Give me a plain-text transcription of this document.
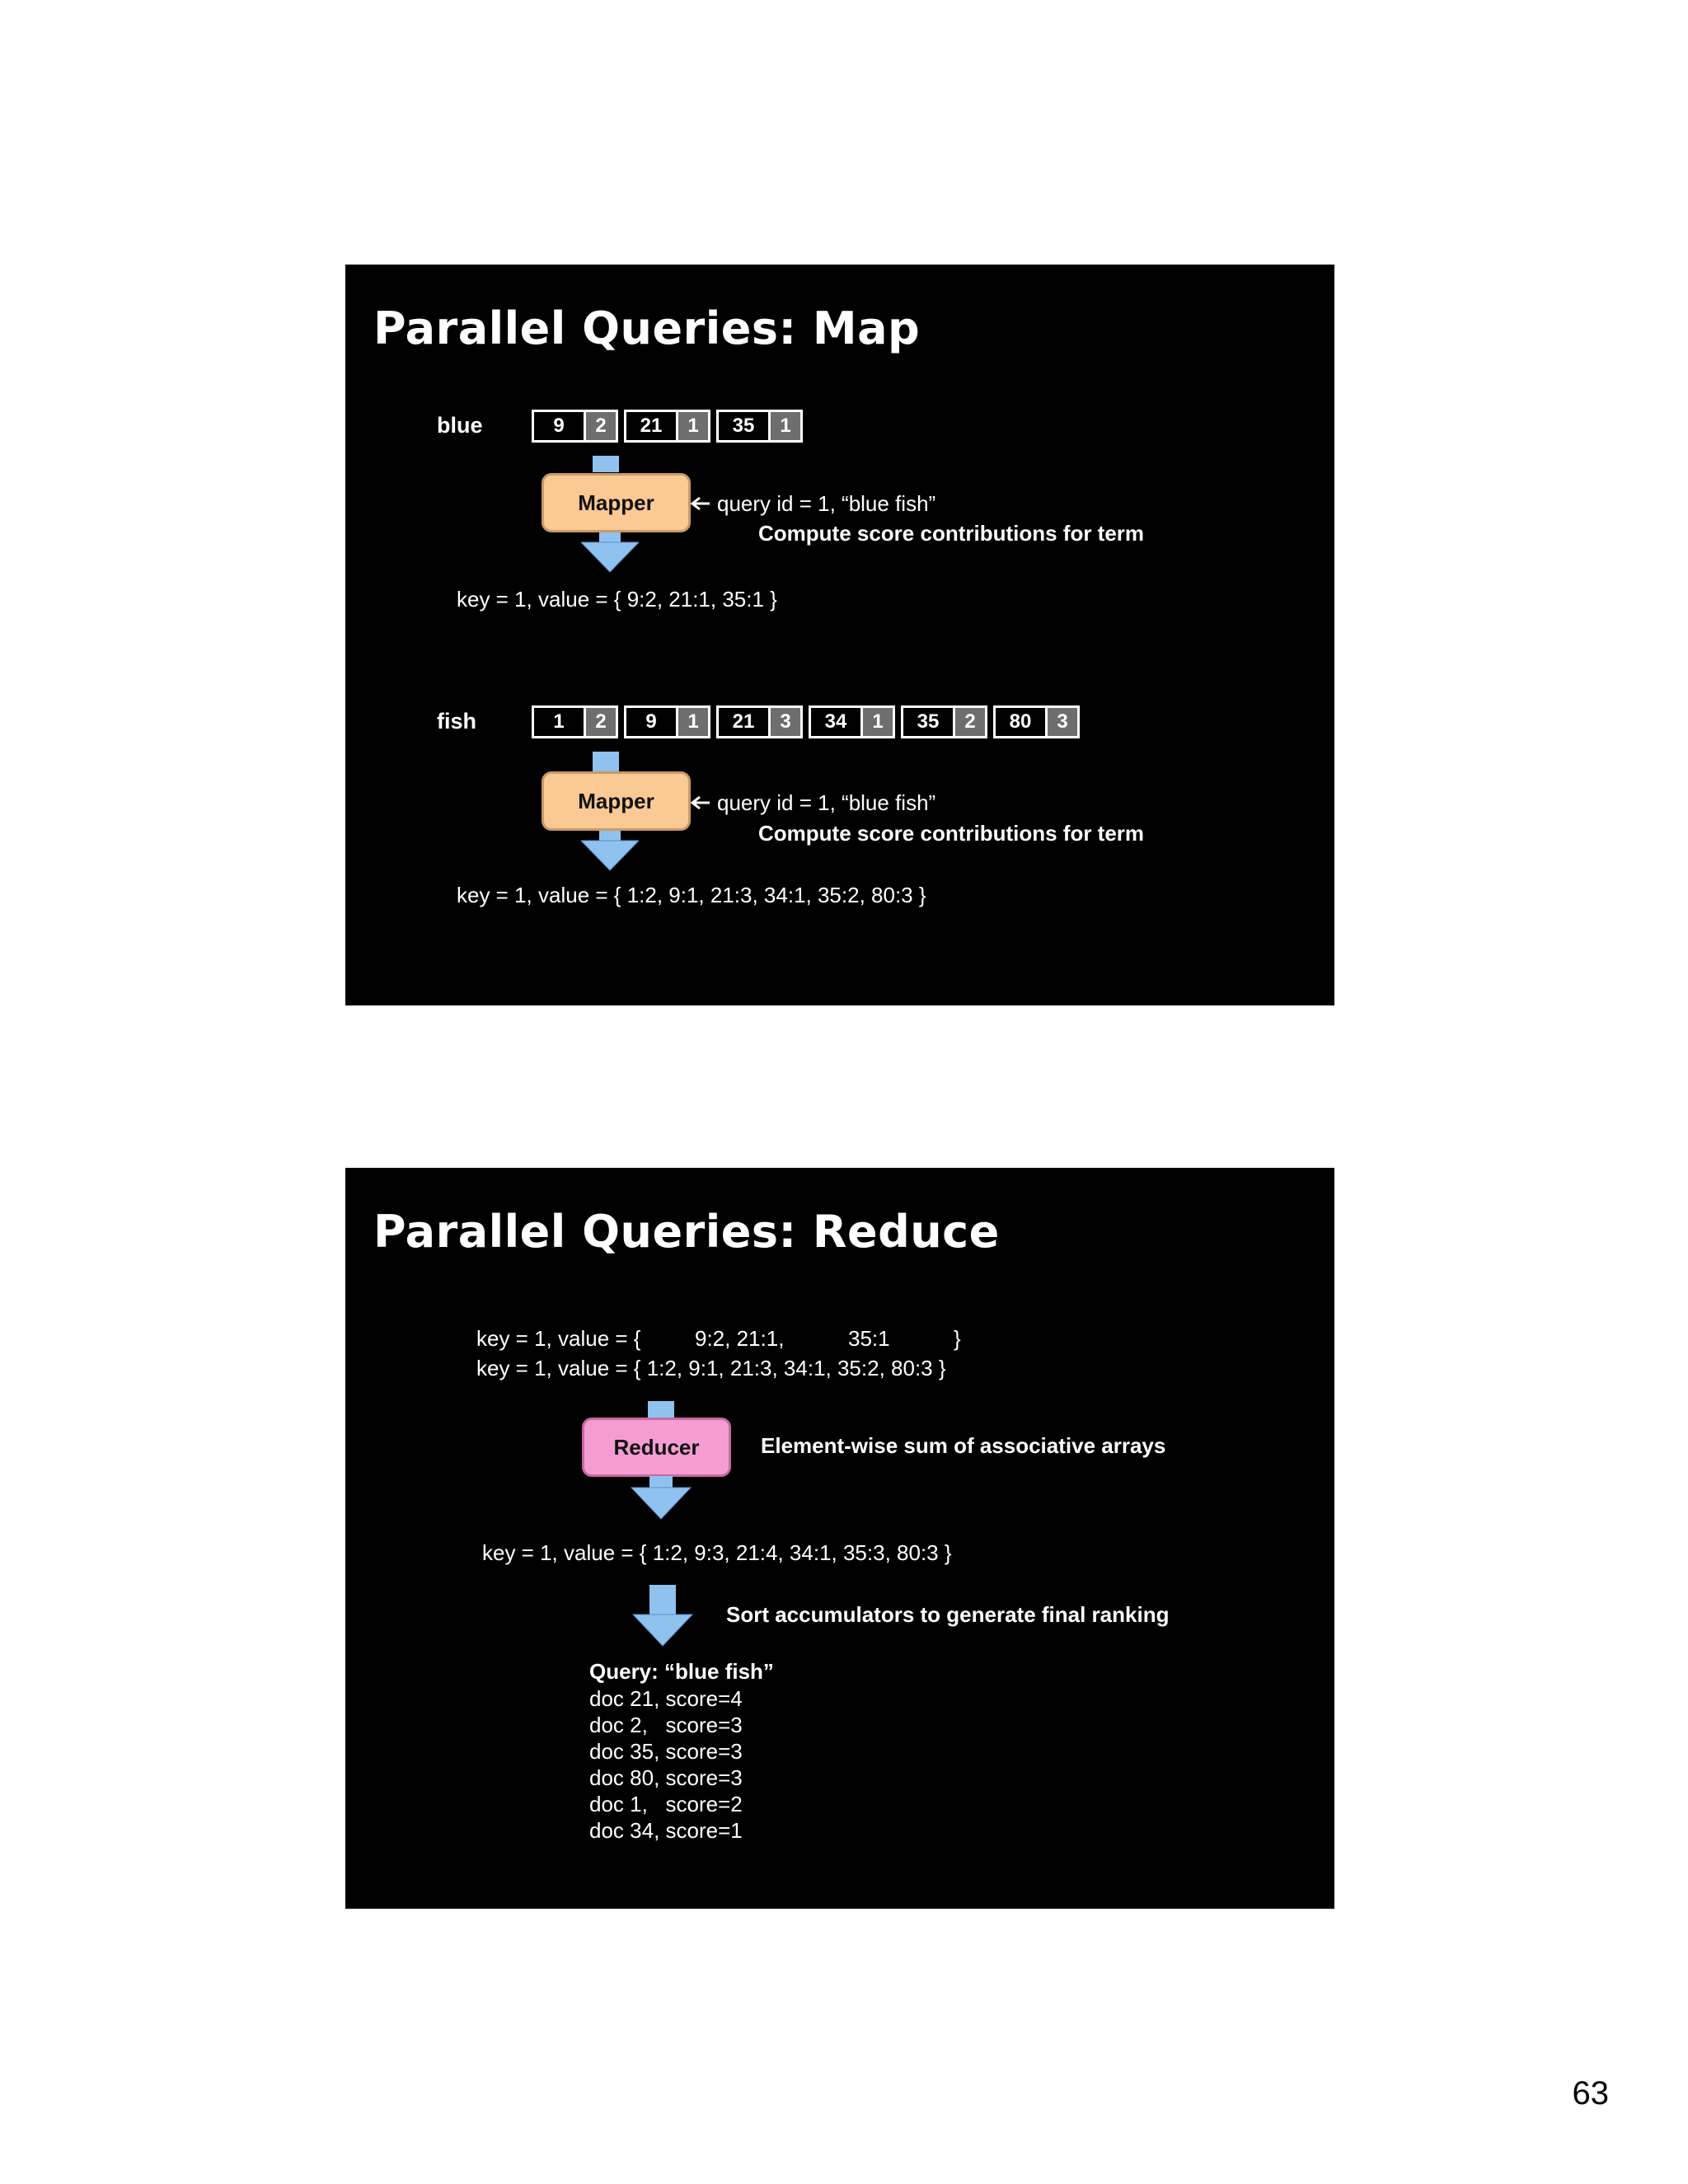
Parallel Queries: Map
blue	9	2	21	1	35	1
Mapper	query id = 1, “blue fish”
Compute score contributions for term
key = 1, value = { 9:2, 21:1, 35:1 }
fish	1	2	9	1	21	3	34	1	35	2	80	3
Mapper	query id = 1, “blue fish”
Compute score contributions for term
key = 1, value = { 1:2, 9:1, 21:3, 34:1, 35:2, 80:3 }
Parallel Queries: Reduce
key = 1, value = {	9:2, 21:1,	35:1	}
key = 1, value = { 1:2, 9:1, 21:3, 34:1, 35:2, 80:3 }
Reducer	Element-wise sum of associative arrays
key = 1, value = { 1:2, 9:3, 21:4, 34:1, 35:3, 80:3 }
Sort accumulators to generate final ranking
Query: “blue fish”
doc 21, score=4
doc 2,   score=3
doc 35, score=3
doc 80, score=3
doc 1,   score=2
doc 34, score=1
63
